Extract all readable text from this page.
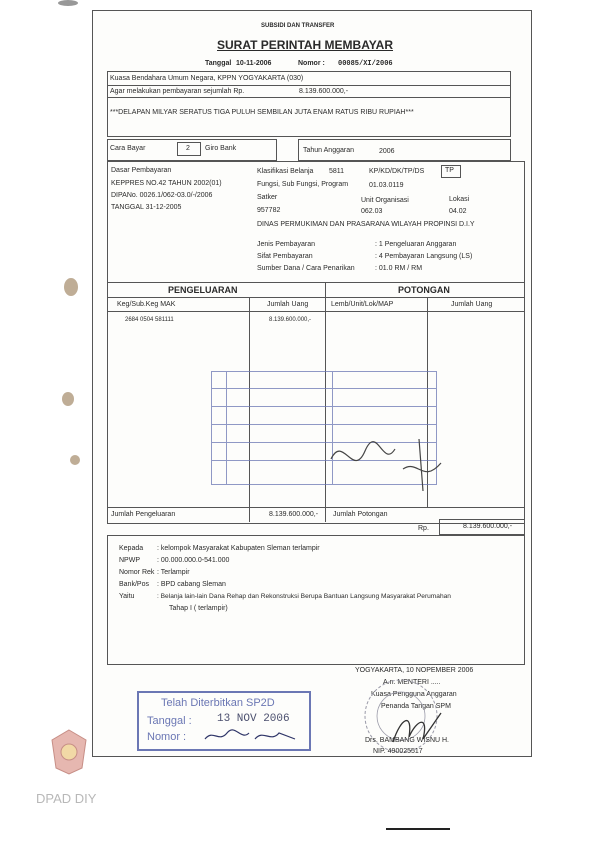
SUBSIDI DAN TRANSFER
SURAT PERINTAH MEMBAYAR
Tanggal 10-11-2006	Nomor : 00085/XI/2006
Kuasa Bendahara Umum Negara, KPPN YOGYAKARTA (030)
Agar melakukan pembayaran sejumlah Rp.	8.139.600.000,-
***DELAPAN MILYAR SERATUS TIGA PULUH SEMBILAN JUTA ENAM RATUS RIBU RUPIAH***
Cara Bayar	2 Giro Bank	Tahun Anggaran	2006
Dasar Pembayaran
KEPPRES NO.42 TAHUN 2002(01)
DIPANo. 0026.1/062-03.0/-/2006
TANGGAL 31-12-2005
Klasifikasi Belanja 5811	KP/KD/DK/TP/DS	TP
Fungsi, Sub Fungsi, Program	01.03.0119
Satker
957782
Unit Organisasi
062.03
Lokasi
04.02
DINAS PERMUKIMAN DAN PRASARANA WILAYAH PROPINSI D.I.Y
Jenis Pembayaran	: 1 Pengeluaran Anggaran
Sifat Pembayaran	: 4 Pembayaran Langsung (LS)
Sumber Dana / Cara Penarikan	: 01.0 RM / RM
PENGELUARAN	POTONGAN
Keg/Sub.Keg MAK	Jumlah Uang	Lemb/Unit/Lok/MAP	Jumlah Uang
2684 0504 581111	8.139.600.000,-
Jumlah Pengeluaran	8.139.600.000,- Jumlah Potongan
Rp.	8.139.600.000,-
Kepada : kelompok Masyarakat Kabupaten Sleman terlampir
NPWP : 00.000.000.0-541.000
Nomor Rek : Terlampir
Bank/Pos : BPD cabang Sleman
Yaitu	: Belanja lain-lain Dana Rehap dan Rekonstruksi Berupa Bantuan Langsung Masyarakat Perumahan
Tahap I ( terlampir)
YOGYAKARTA, 10 NOPEMBER 2006
A.n. MENTERI .....
Kuasa Pengguna Anggaran
Penanda Tangan SPM
Drs. BAMBANG WISNU H.
NIP. 490025517
Telah Diterbitkan SP2D
Tanggal : 13 NOV 2006
Nomor :
DPAD DIY
